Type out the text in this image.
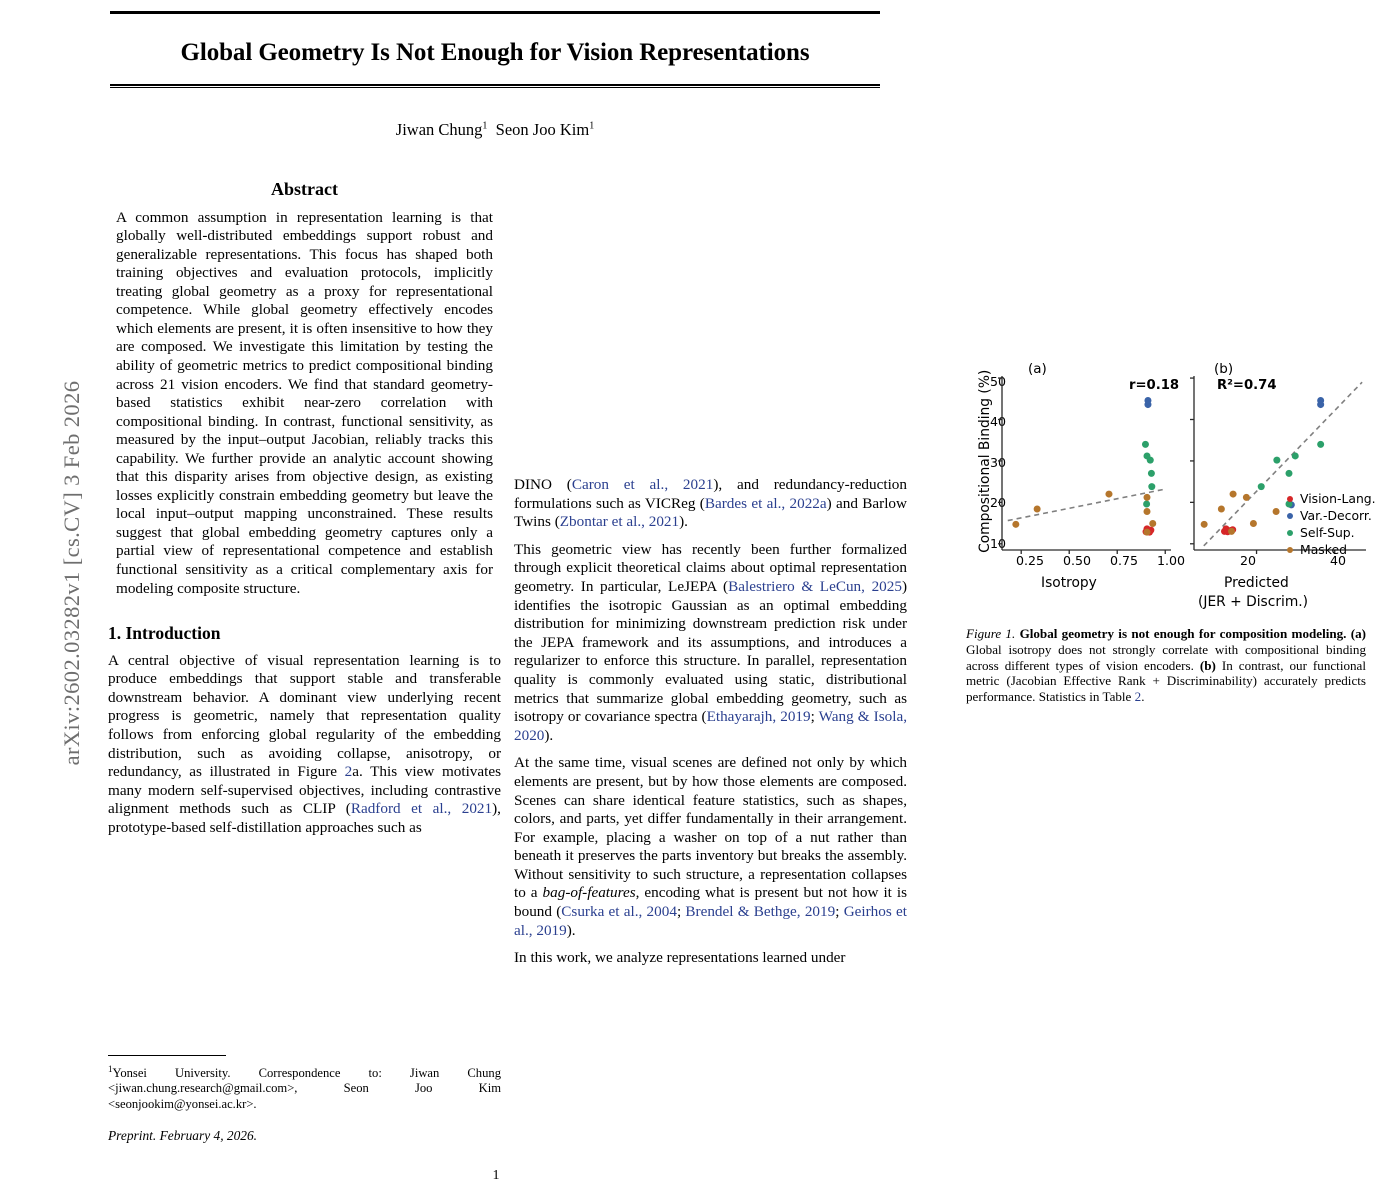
arXiv:2602.03282v1 [cs.CV] 3 Feb 2026
Global Geometry Is Not Enough for Vision Representations
Jiwan Chung$^1$ Seon Joo Kim$^1$
Abstract
A common assumption in representation learning is that globally well-distributed embeddings support robust and generalizable representations. This focus has shaped both training objectives and evaluation protocols, implicitly treating global geometry as a proxy for representational competence. While global geometry effectively encodes which elements are present, it is often insensitive to how they are composed. We investigate this limitation by testing the ability of geometric metrics to predict compositional binding across 21 vision encoders. We find that standard geometry-based statistics exhibit near-zero correlation with compositional binding. In contrast, functional sensitivity, as measured by the input–output Jacobian, reliably tracks this capability. We further provide an analytic account showing that this disparity arises from objective design, as existing losses explicitly constrain embedding geometry but leave the local input–output mapping unconstrained. These results suggest that global embedding geometry captures only a partial view of representational competence and establish functional sensitivity as a critical complementary axis for modeling composite structure.
1. Introduction

A central objective of visual representation learning is to produce embeddings that support stable and transferable downstream behavior. A dominant view underlying recent progress is geometric, namely that representation quality follows from enforcing global regularity of the embedding distribution, such as avoiding collapse, anisotropy, or redundancy, as illustrated in Figure 2a. This view motivates many modern self-supervised objectives, including contrastive alignment methods such as CLIP (Radford et al., 2021), prototype-based self-distillation approaches such as

(a)	(b)
Compositional Binding (%)
50
40
30
20
10
r=0.18	R²=0.74
0.25 0.50 0.75 1.00	20	40
Isotropy	Predicted
(JER + Discrim.)
Vision-Lang.
Var.-Decorr.
Self-Sup.
Masked
Figure 1. Global geometry is not enough for composition modeling. (a) Global isotropy does not strongly correlate with compositional binding across different types of vision encoders. (b) In contrast, our functional metric (Jacobian Effective Rank + Discriminability) accurately predicts performance. Statistics in Table 2.

DINO (Caron et al., 2021), and redundancy-reduction formulations such as VICReg (Bardes et al., 2022a) and Barlow Twins (Zbontar et al., 2021).

This geometric view has recently been further formalized through explicit theoretical claims about optimal representation geometry. In particular, LeJEPA (Balestriero & LeCun, 2025) identifies the isotropic Gaussian as an optimal embedding distribution for minimizing downstream prediction risk under the JEPA framework and its assumptions, and introduces a regularizer to enforce this structure. In parallel, representation quality is commonly evaluated using static, distributional metrics that summarize global embedding geometry, such as isotropy or covariance spectra (Ethayarajh, 2019; Wang & Isola, 2020).

At the same time, visual scenes are defined not only by which elements are present, but by how those elements are composed. Scenes can share identical feature statistics, such as shapes, colors, and parts, yet differ fundamentally in their arrangement. For example, placing a washer on top of a nut rather than beneath it preserves the parts inventory but breaks the assembly. Without sensitivity to such structure, a representation collapses to a bag-of-features, encoding what is present but not how it is bound (Csurka et al., 2004; Brendel & Bethge, 2019; Geirhos et al., 2019).

In this work, we analyze representations learned under

$^1$Yonsei University. Correspondence to: Jiwan Chung <jiwan.chung.research@gmail.com>, Seon Joo Kim <seonjookim@yonsei.ac.kr>.
Preprint. February 4, 2026.
1
